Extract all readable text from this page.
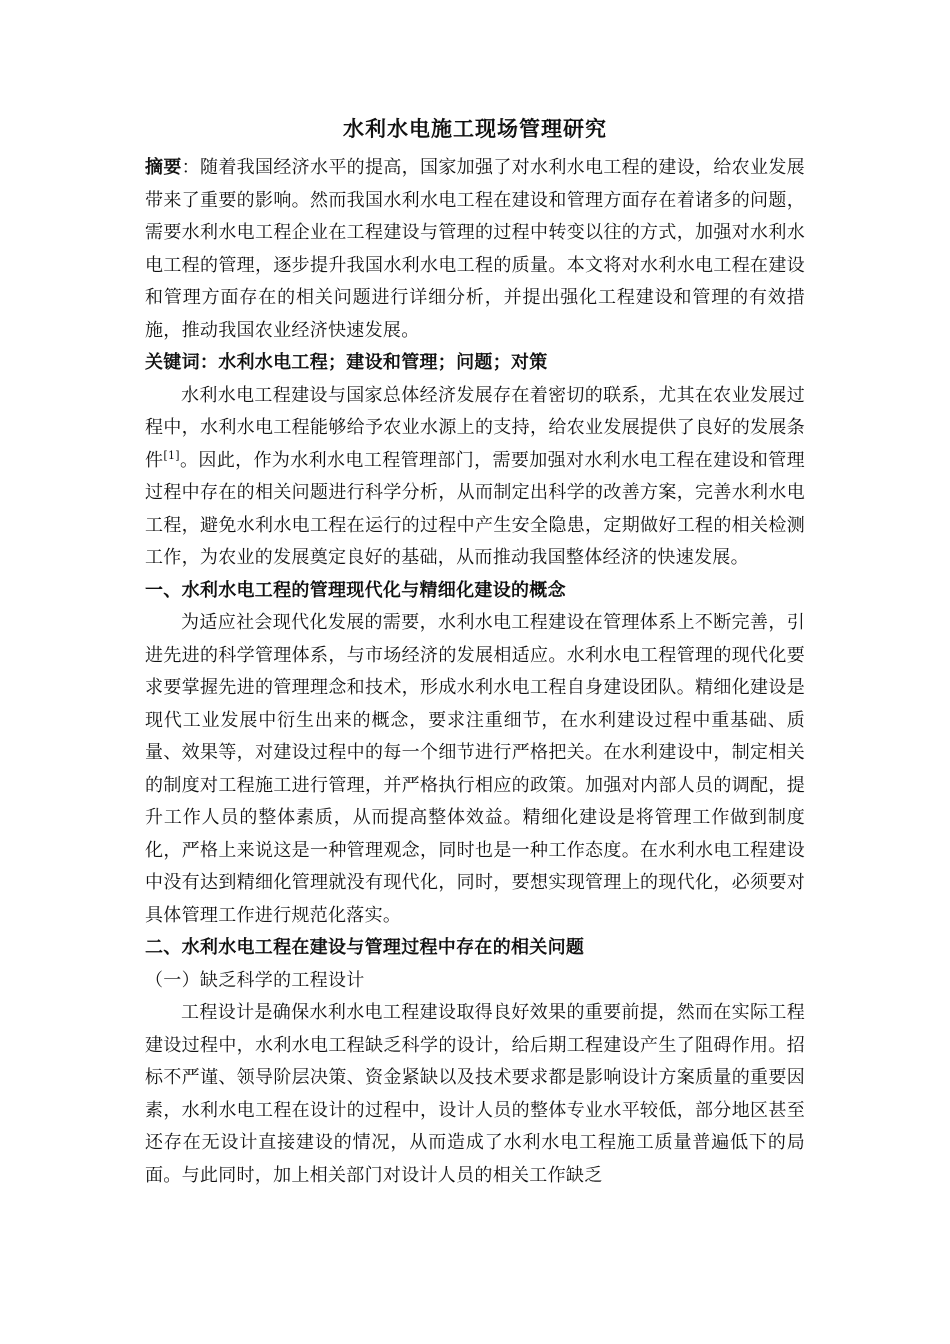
水利水电施工现场管理研究

摘要：随着我国经济水平的提高，国家加强了对水利水电工程的建设，给农业发展带来了重要的影响。然而我国水利水电工程在建设和管理方面存在着诸多的问题，需要水利水电工程企业在工程建设与管理的过程中转变以往的方式，加强对水利水电工程的管理，逐步提升我国水利水电工程的质量。本文将对水利水电工程在建设和管理方面存在的相关问题进行详细分析，并提出强化工程建设和管理的有效措施，推动我国农业经济快速发展。

关键词：水利水电工程；建设和管理；问题；对策

水利水电工程建设与国家总体经济发展存在着密切的联系，尤其在农业发展过程中，水利水电工程能够给予农业水源上的支持，给农业发展提供了良好的发展条件[1]。因此，作为水利水电工程管理部门，需要加强对水利水电工程在建设和管理过程中存在的相关问题进行科学分析，从而制定出科学的改善方案，完善水利水电工程，避免水利水电工程在运行的过程中产生安全隐患，定期做好工程的相关检测工作，为农业的发展奠定良好的基础，从而推动我国整体经济的快速发展。

一、水利水电工程的管理现代化与精细化建设的概念

为适应社会现代化发展的需要，水利水电工程建设在管理体系上不断完善，引进先进的科学管理体系，与市场经济的发展相适应。水利水电工程管理的现代化要求要掌握先进的管理理念和技术，形成水利水电工程自身建设团队。精细化建设是现代工业发展中衍生出来的概念，要求注重细节，在水利建设过程中重基础、质量、效果等，对建设过程中的每一个细节进行严格把关。在水利建设中，制定相关的制度对工程施工进行管理，并严格执行相应的政策。加强对内部人员的调配，提升工作人员的整体素质，从而提高整体效益。精细化建设是将管理工作做到制度化，严格上来说这是一种管理观念，同时也是一种工作态度。在水利水电工程建设中没有达到精细化管理就没有现代化，同时，要想实现管理上的现代化，必须要对具体管理工作进行规范化落实。

二、水利水电工程在建设与管理过程中存在的相关问题

（一）缺乏科学的工程设计

工程设计是确保水利水电工程建设取得良好效果的重要前提，然而在实际工程建设过程中，水利水电工程缺乏科学的设计，给后期工程建设产生了阻碍作用。招标不严谨、领导阶层决策、资金紧缺以及技术要求都是影响设计方案质量的重要因素，水利水电工程在设计的过程中，设计人员的整体专业水平较低，部分地区甚至还存在无设计直接建设的情况，从而造成了水利水电工程施工质量普遍低下的局面。与此同时，加上相关部门对设计人员的相关工作缺乏
